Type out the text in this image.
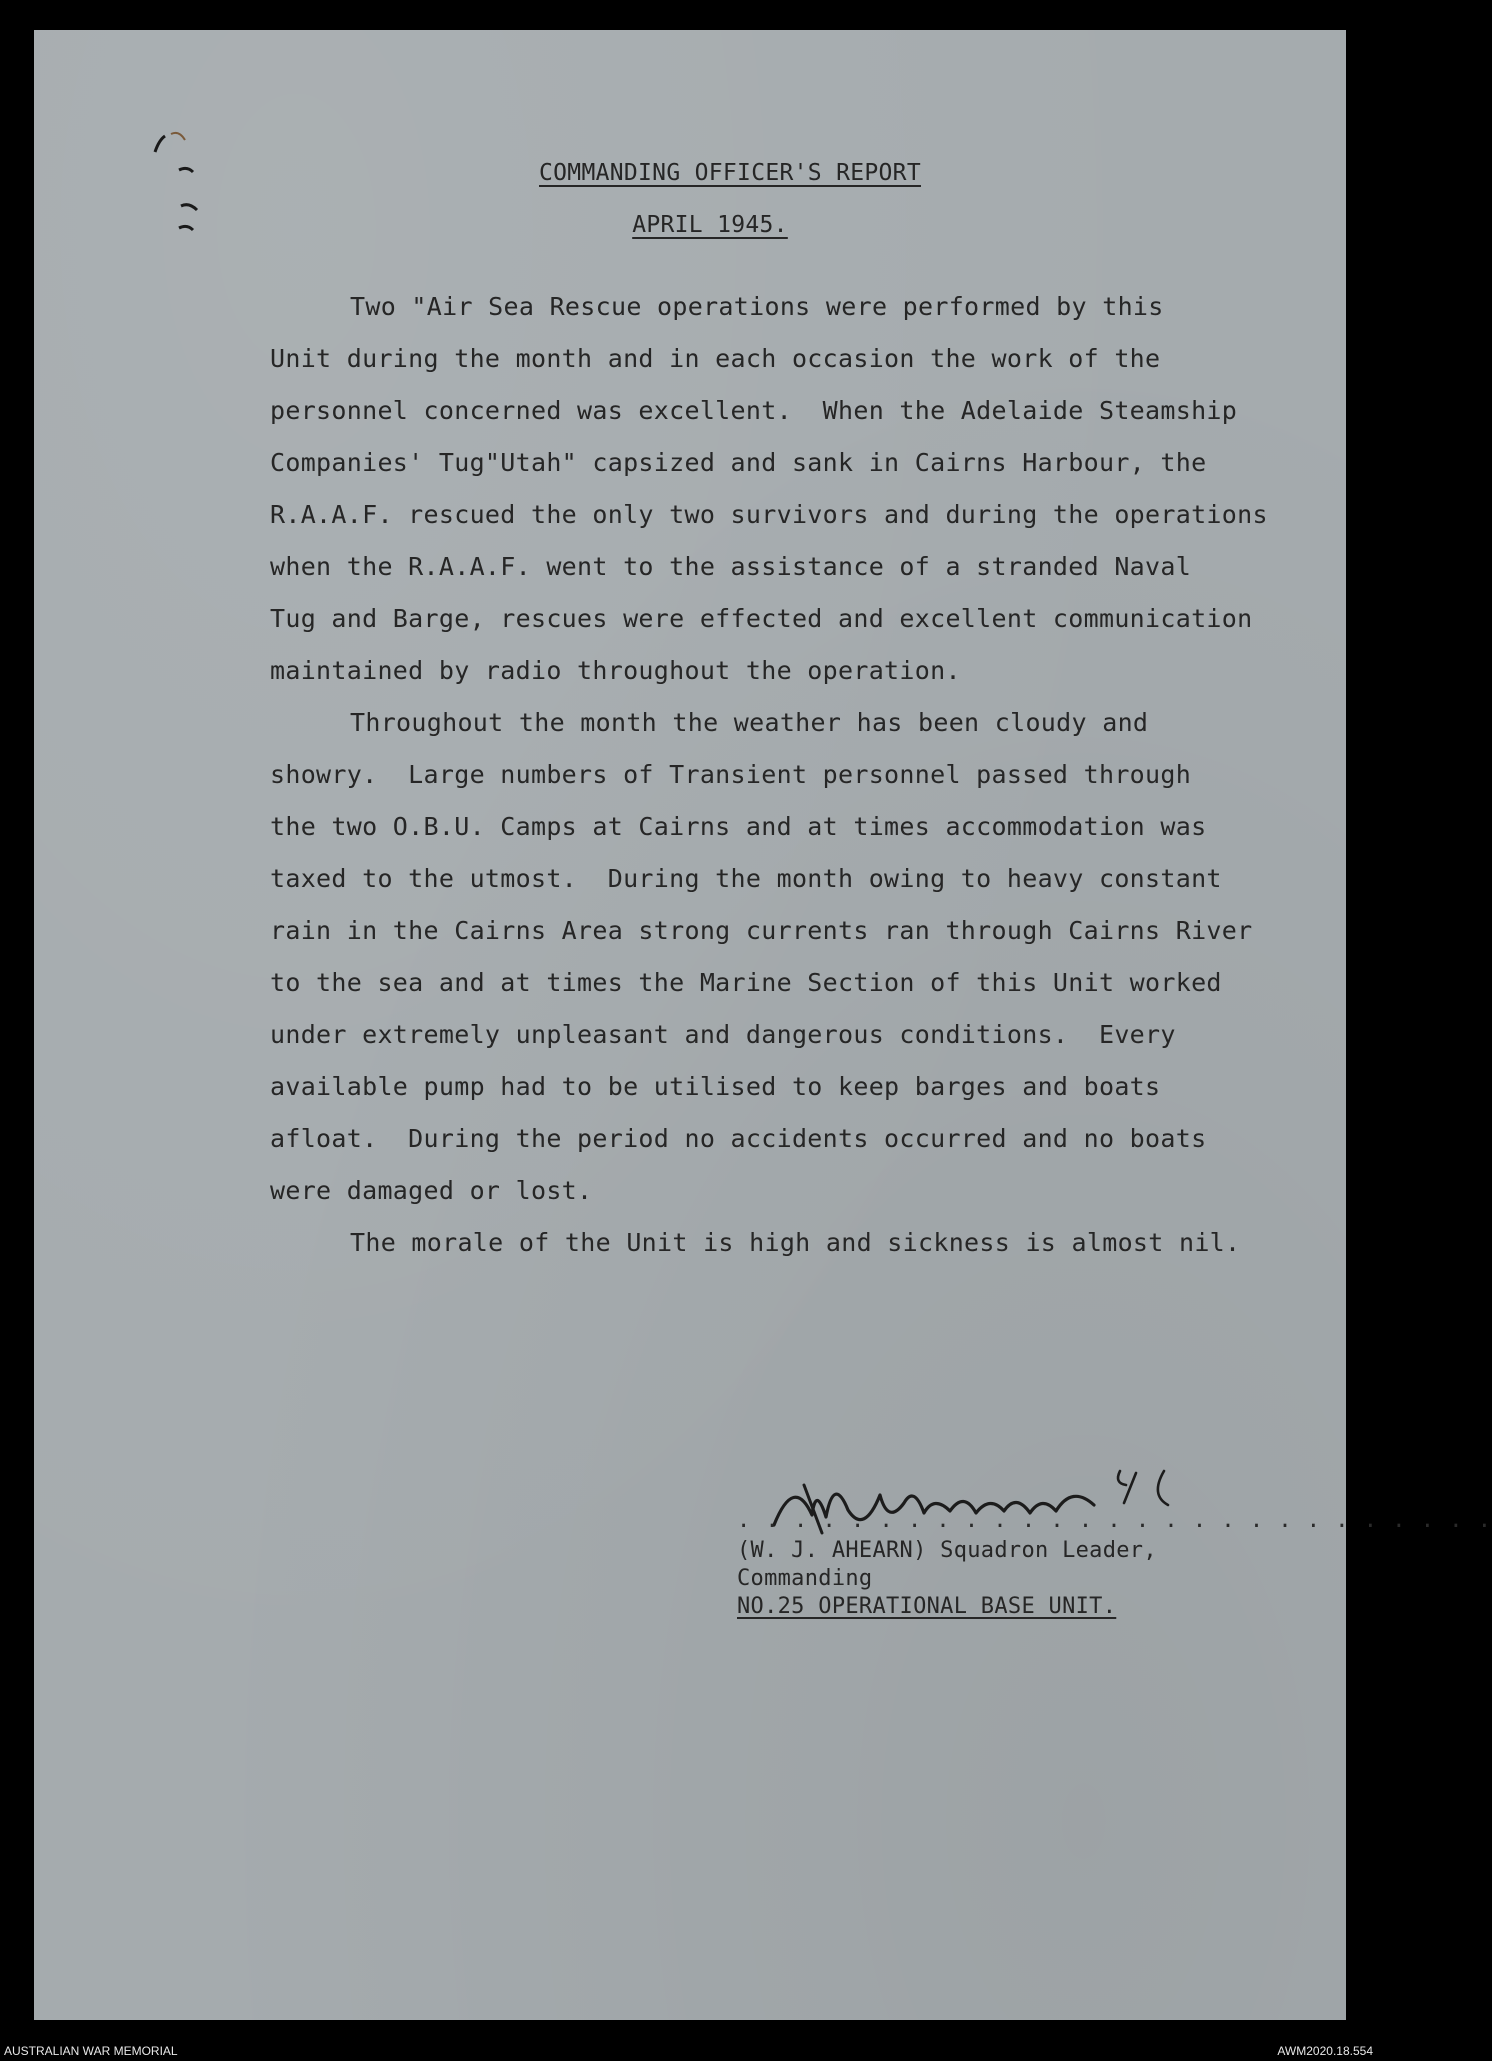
COMMANDING OFFICER'S REPORT
APRIL 1945.
Two "Air Sea Rescue operations were performed by this
Unit during the month and in each occasion the work of the
personnel concerned was excellent.  When the Adelaide Steamship
Companies' Tug"Utah" capsized and sank in Cairns Harbour, the
R.A.A.F. rescued the only two survivors and during the operations
when the R.A.A.F. went to the assistance of a stranded Naval
Tug and Barge, rescues were effected and excellent communication
maintained by radio throughout the operation.
Throughout the month the weather has been cloudy and
showry.  Large numbers of Transient personnel passed through
the two O.B.U. Camps at Cairns and at times accommodation was
taxed to the utmost.  During the month owing to heavy constant
rain in the Cairns Area strong currents ran through Cairns River
to the sea and at times the Marine Section of this Unit worked
under extremely unpleasant and dangerous conditions.  Every
available pump had to be utilised to keep barges and boats
afloat.  During the period no accidents occurred and no boats
were damaged or lost.
The morale of the Unit is high and sickness is almost nil.
. . . . . . . . . . . . . . . . . . . . . . . . . . .
(W. J. AHEARN) Squadron Leader,
Commanding
NO.25 OPERATIONAL BASE UNIT.
AUSTRALIAN WAR MEMORIAL	AWM2020.18.554
